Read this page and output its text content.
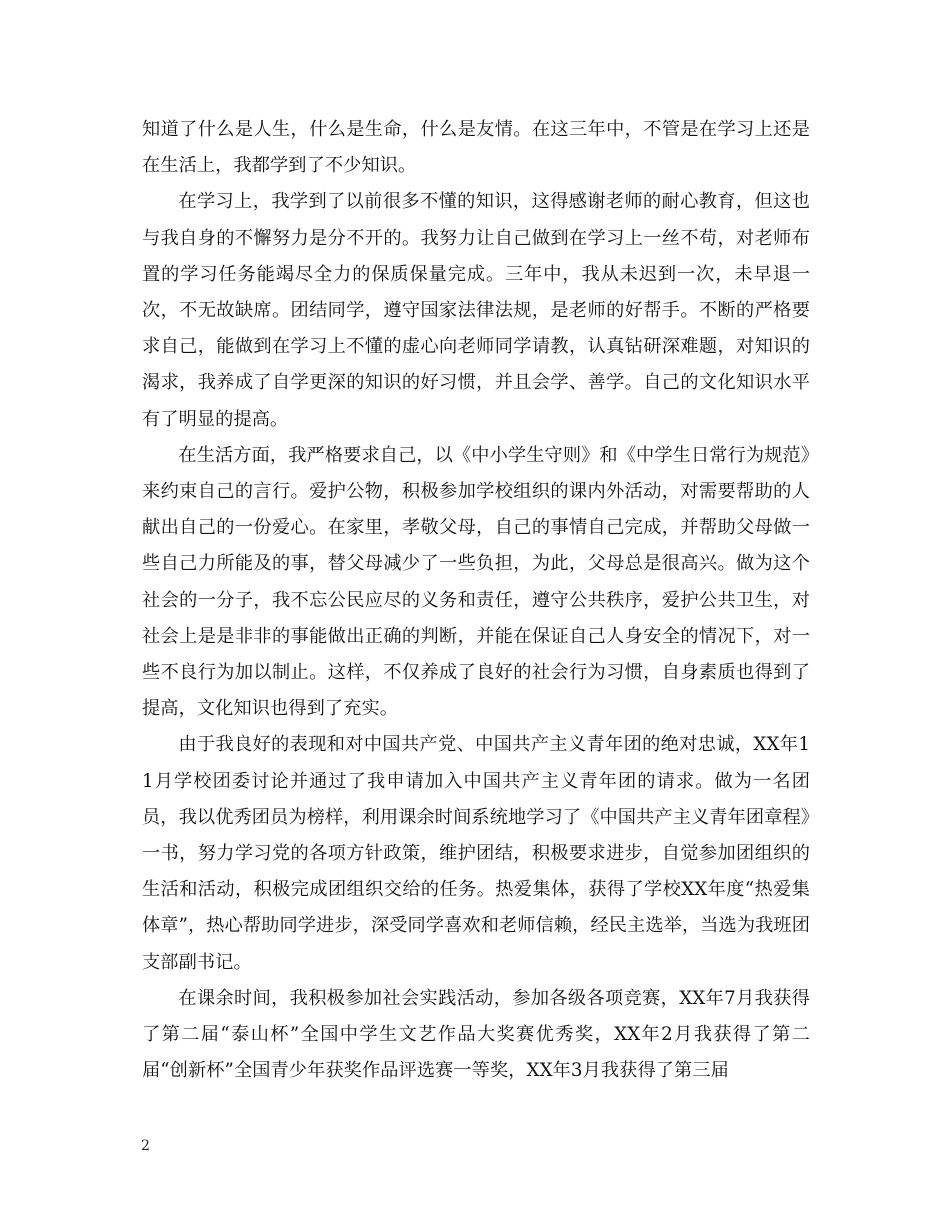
知道了什么是人生，什么是生命，什么是友情。在这三年中，不管是在学习上还是在生活上，我都学到了不少知识。

在学习上，我学到了以前很多不懂的知识，这得感谢老师的耐心教育，但这也与我自身的不懈努力是分不开的。我努力让自己做到在学习上一丝不苟，对老师布置的学习任务能竭尽全力的保质保量完成。三年中，我从未迟到一次，未早退一次，不无故缺席。团结同学，遵守国家法律法规，是老师的好帮手。不断的严格要求自己，能做到在学习上不懂的虚心向老师同学请教，认真钻研深难题，对知识的渴求，我养成了自学更深的知识的好习惯，并且会学、善学。自己的文化知识水平有了明显的提高。

在生活方面，我严格要求自己，以《中小学生守则》和《中学生日常行为规范》来约束自己的言行。爱护公物，积极参加学校组织的课内外活动，对需要帮助的人献出自己的一份爱心。在家里，孝敬父母，自己的事情自己完成，并帮助父母做一些自己力所能及的事，替父母减少了一些负担，为此，父母总是很高兴。做为这个社会的一分子，我不忘公民应尽的义务和责任，遵守公共秩序，爱护公共卫生，对社会上是是非非的事能做出正确的判断，并能在保证自己人身安全的情况下，对一些不良行为加以制止。这样，不仅养成了良好的社会行为习惯，自身素质也得到了提高，文化知识也得到了充实。

由于我良好的表现和对中国共产党、中国共产主义青年团的绝对忠诚，XX年11月学校团委讨论并通过了我申请加入中国共产主义青年团的请求。做为一名团员，我以优秀团员为榜样，利用课余时间系统地学习了《中国共产主义青年团章程》一书，努力学习党的各项方针政策，维护团结，积极要求进步，自觉参加团组织的生活和活动，积极完成团组织交给的任务。热爱集体，获得了学校XX年度“热爱集体章”，热心帮助同学进步，深受同学喜欢和老师信赖，经民主选举，当选为我班团支部副书记。

在课余时间，我积极参加社会实践活动，参加各级各项竞赛，XX年7月我获得了第二届“泰山杯”全国中学生文艺作品大奖赛优秀奖，XX年2月我获得了第二届“创新杯”全国青少年获奖作品评选赛一等奖，XX年3月我获得了第三届

2
